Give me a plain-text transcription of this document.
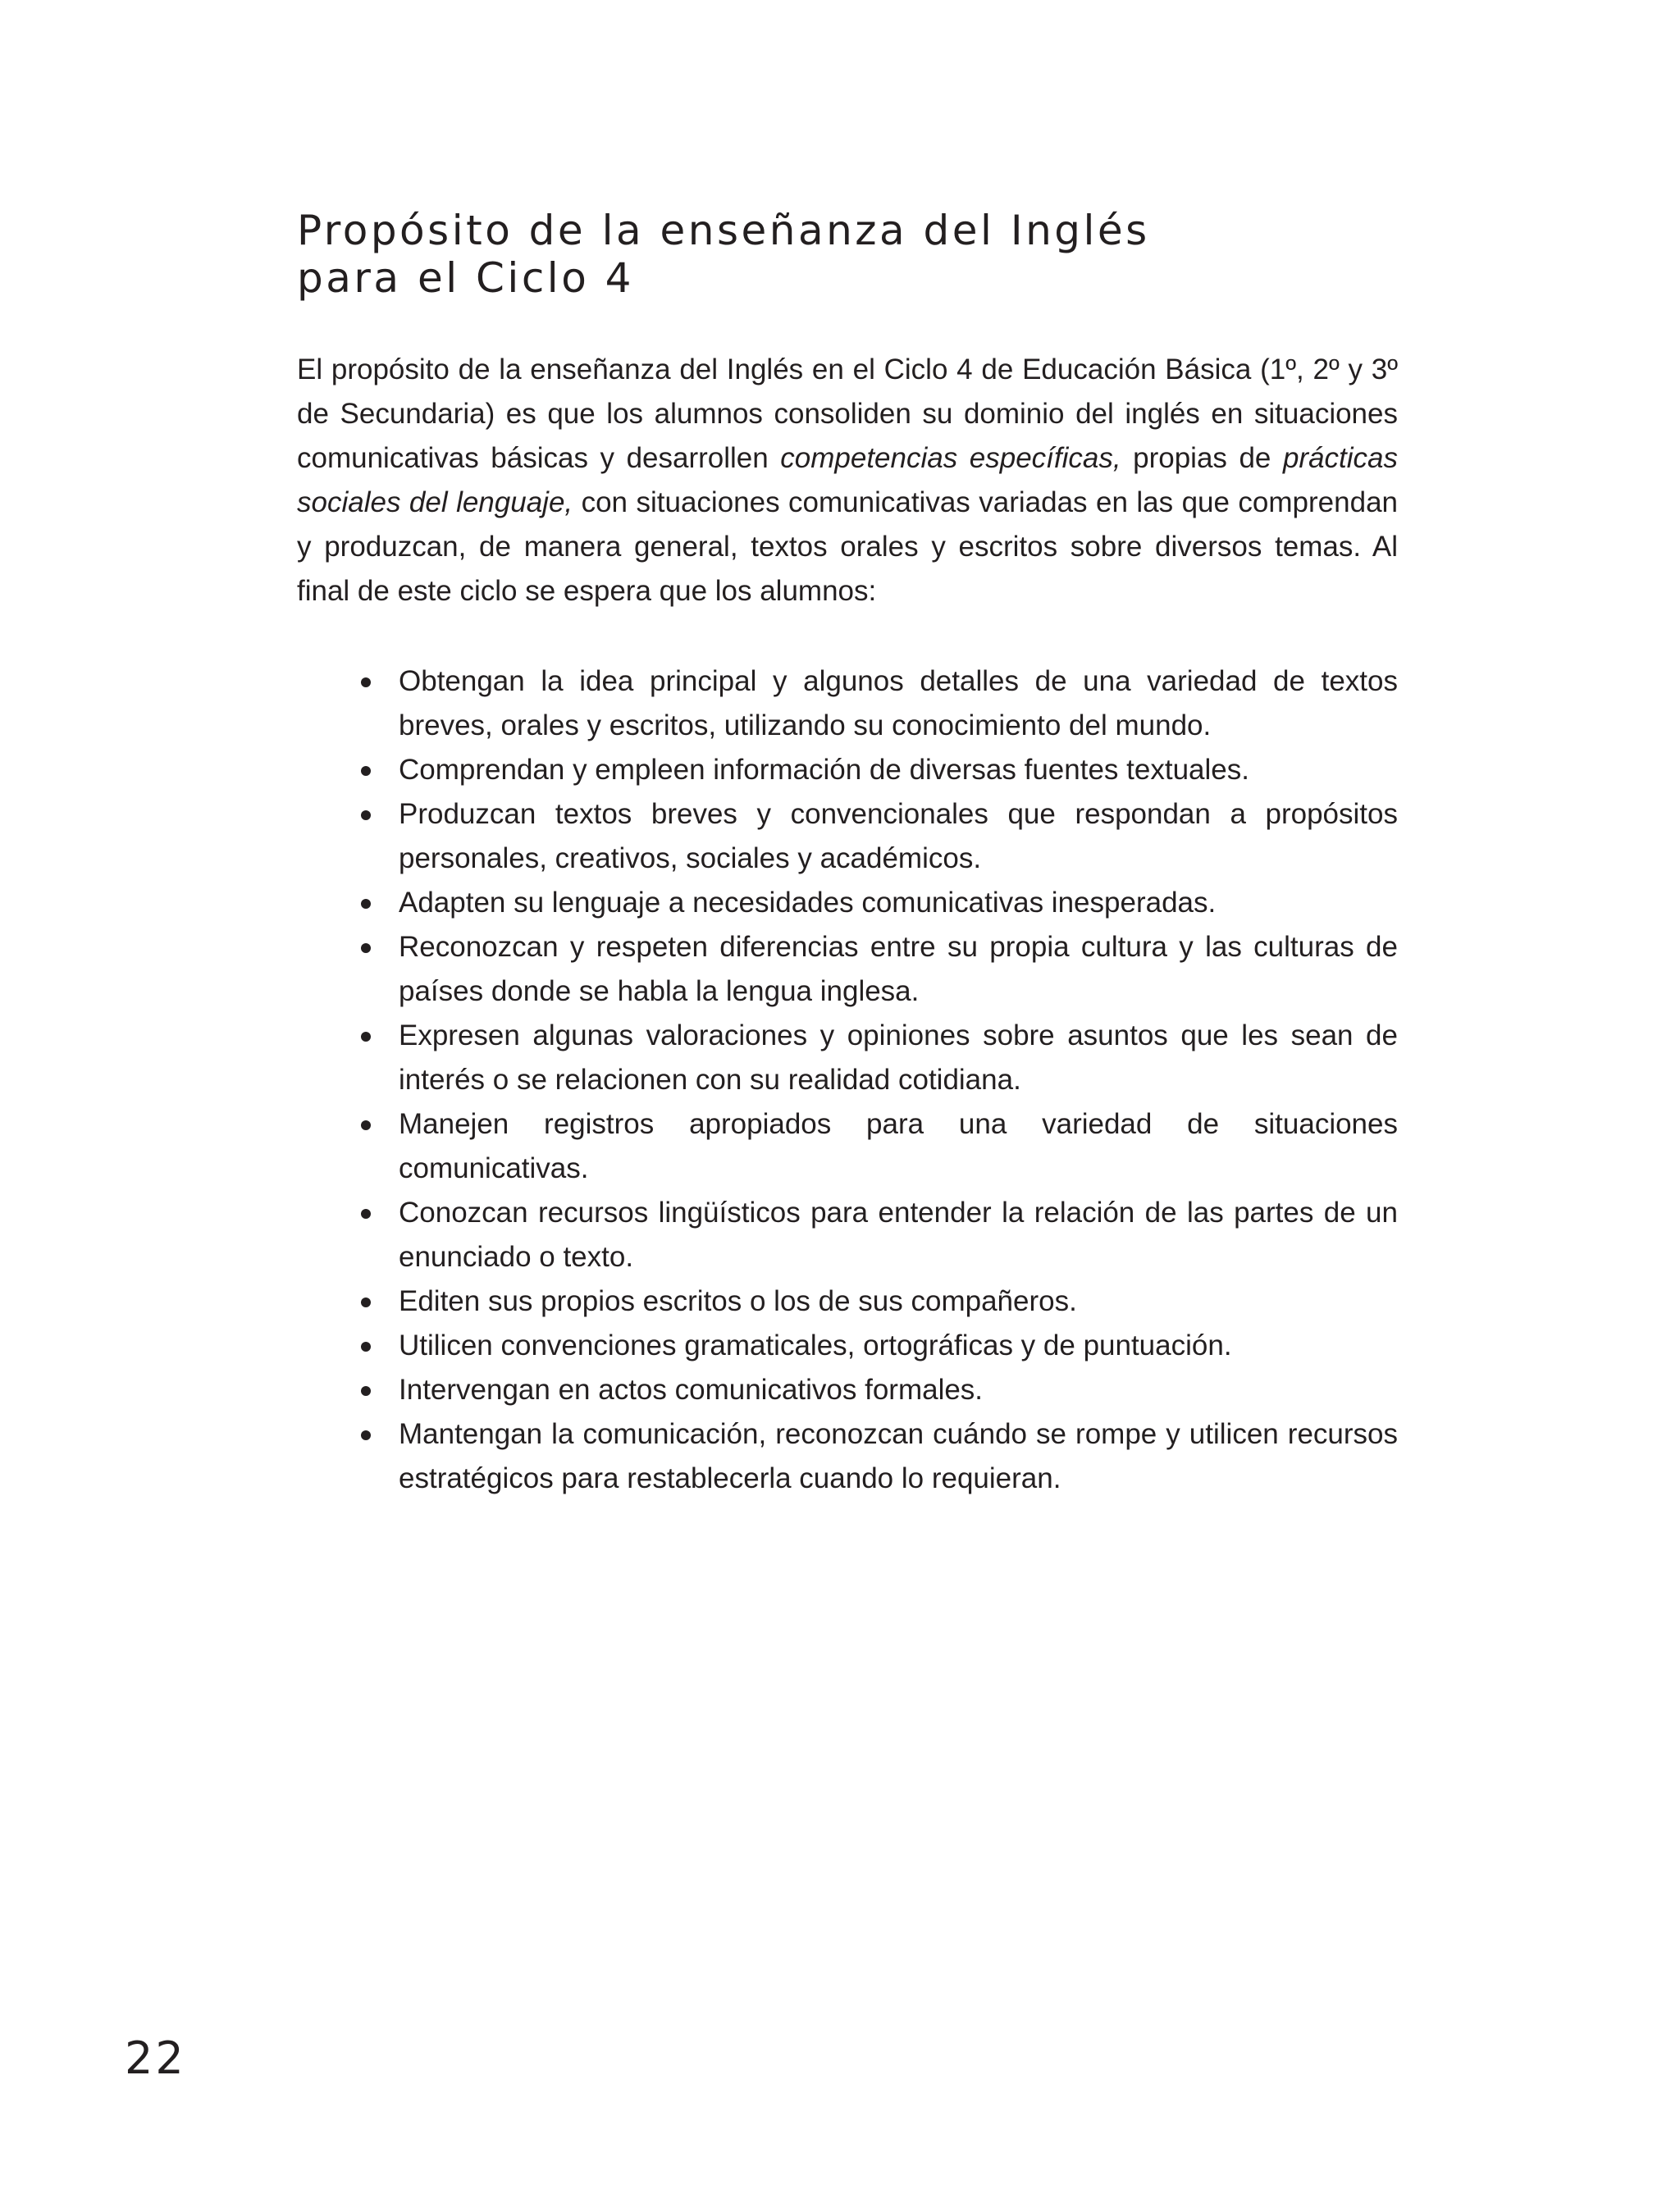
Propósito de la enseñanza del Inglés
para el Ciclo 4

El propósito de la enseñanza del Inglés en el Ciclo 4 de Educación Básica (1º, 2º y 3º de Secundaria) es que los alumnos consoliden su dominio del inglés en situaciones comunicativas básicas y desarrollen competencias específicas, propias de prácticas sociales del lenguaje, con situaciones comunicativas variadas en las que comprendan y produzcan, de manera general, textos orales y escritos sobre diversos temas. Al final de este ciclo se espera que los alumnos:

Obtengan la idea principal y algunos detalles de una variedad de textos breves, orales y escritos, utilizando su conocimiento del mundo.
Comprendan y empleen información de diversas fuentes textuales.
Produzcan textos breves y convencionales que respondan a propósitos personales, creativos, sociales y académicos.
Adapten su lenguaje a necesidades comunicativas inesperadas.
Reconozcan y respeten diferencias entre su propia cultura y las culturas de países donde se habla la lengua inglesa.
Expresen algunas valoraciones y opiniones sobre asuntos que les sean de interés o se relacionen con su realidad cotidiana.
Manejen registros apropiados para una variedad de situaciones comunicativas.
Conozcan recursos lingüísticos para entender la relación de las partes de un enunciado o texto.
Editen sus propios escritos o los de sus compañeros.
Utilicen convenciones gramaticales, ortográficas y de puntuación.
Intervengan en actos comunicativos formales.
Mantengan la comunicación, reconozcan cuándo se rompe y utilicen recursos estratégicos para restablecerla cuando lo requieran.
22
